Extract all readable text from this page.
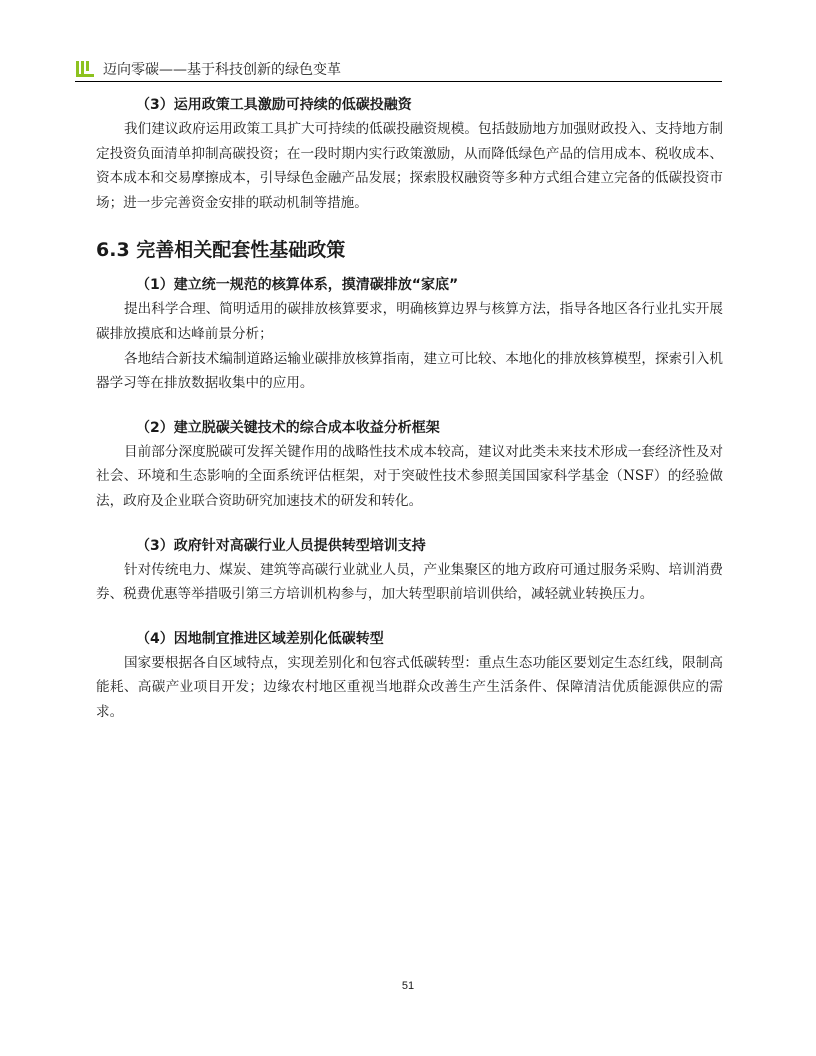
迈向零碳——基于科技创新的绿色变革
（3）运用政策工具激励可持续的低碳投融资

我们建议政府运用政策工具扩大可持续的低碳投融资规模。包括鼓励地方加强财政投入、支持地方制定投资负面清单抑制高碳投资；在一段时期内实行政策激励，从而降低绿色产品的信用成本、税收成本、资本成本和交易摩擦成本，引导绿色金融产品发展；探索股权融资等多种方式组合建立完备的低碳投资市场；进一步完善资金安排的联动机制等措施。

6.3 完善相关配套性基础政策
（1）建立统一规范的核算体系，摸清碳排放“家底”

提出科学合理、简明适用的碳排放核算要求，明确核算边界与核算方法，指导各地区各行业扎实开展碳排放摸底和达峰前景分析；

各地结合新技术编制道路运输业碳排放核算指南，建立可比较、本地化的排放核算模型，探索引入机器学习等在排放数据收集中的应用。

（2）建立脱碳关键技术的综合成本收益分析框架

目前部分深度脱碳可发挥关键作用的战略性技术成本较高，建议对此类未来技术形成一套经济性及对社会、环境和生态影响的全面系统评估框架，对于突破性技术参照美国国家科学基金（NSF）的经验做法，政府及企业联合资助研究加速技术的研发和转化。

（3）政府针对高碳行业人员提供转型培训支持

针对传统电力、煤炭、建筑等高碳行业就业人员，产业集聚区的地方政府可通过服务采购、培训消费券、税费优惠等举措吸引第三方培训机构参与，加大转型职前培训供给，减轻就业转换压力。

（4）因地制宜推进区域差别化低碳转型

国家要根据各自区域特点，实现差别化和包容式低碳转型：重点生态功能区要划定生态红线，限制高能耗、高碳产业项目开发；边缘农村地区重视当地群众改善生产生活条件、保障清洁优质能源供应的需求。

51
